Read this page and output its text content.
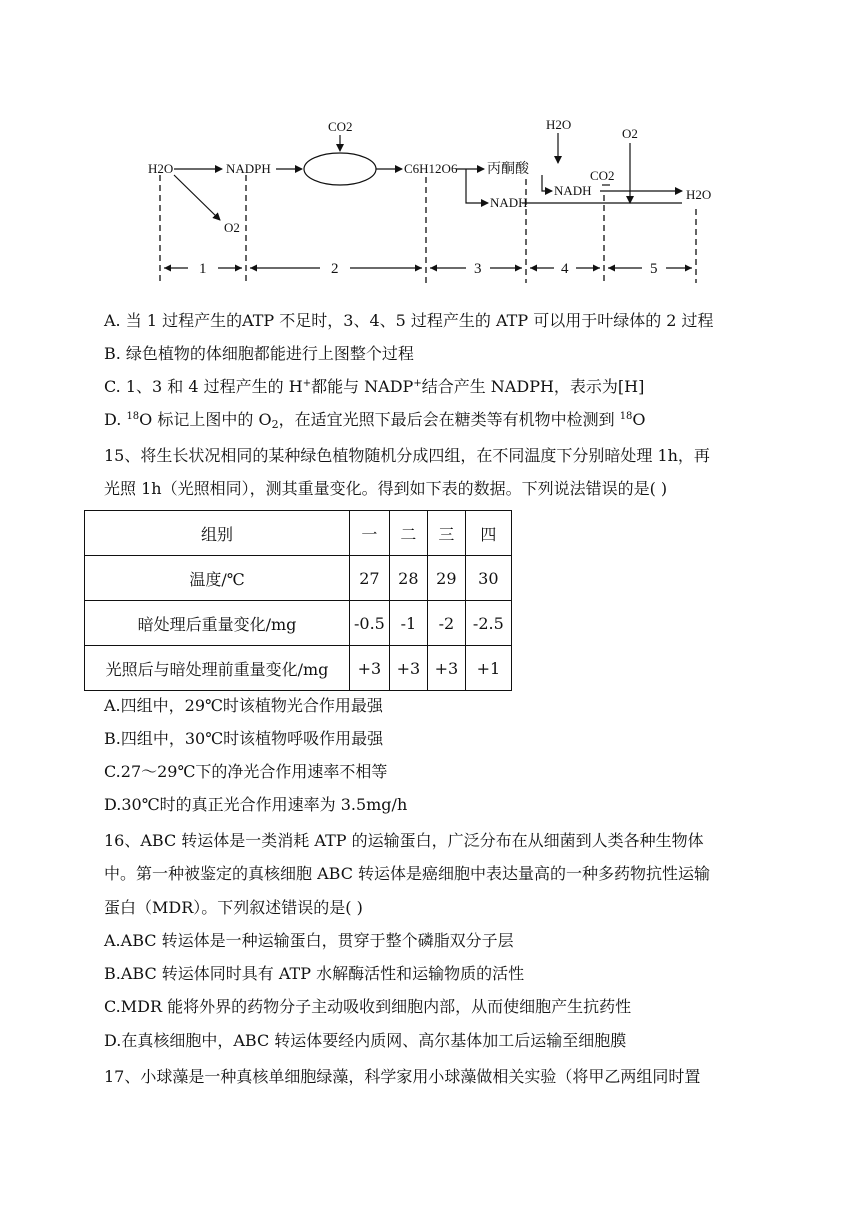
H2O	NADPH
CO2
O2
C6H12O6 丙酮酸
NADH
H2O
NADH
CO2
O2
H2O
1	2	3	4	5
A. 当 1 过程产生的ATP 不足时，3、4、5 过程产生的 ATP 可以用于叶绿体的 2 过程
B. 绿色植物的体细胞都能进行上图整个过程
C. 1、3 和 4 过程产生的 H+都能与 NADP+结合产生 NADPH，表示为[H]
D. $^{18}$O 标记上图中的 $O_2$，在适宜光照下最后会在糖类等有机物中检测到 $^{18}$O
15、将生长状况相同的某种绿色植物随机分成四组，在不同温度下分别暗处理 1h，再
光照 1h（光照相同），测其重量变化。得到如下表的数据。下列说法错误的是( )
组别	一	二	三	四
温度/℃	27	28	29	30
暗处理后重量变化/mg	-0.5	-1	-2	-2.5
光照后与暗处理前重量变化/mg	+3	+3	+3	+1
A.四组中，29℃时该植物光合作用最强
B.四组中，30℃时该植物呼吸作用最强
C.27～29℃下的净光合作用速率不相等
D.30℃时的真正光合作用速率为 3.5mg/h
16、ABC 转运体是一类消耗 ATP 的运输蛋白，广泛分布在从细菌到人类各种生物体
中。第一种被鉴定的真核细胞 ABC 转运体是癌细胞中表达量高的一种多药物抗性运输
蛋白（MDR）。下列叙述错误的是( )
A.ABC 转运体是一种运输蛋白，贯穿于整个磷脂双分子层
B.ABC 转运体同时具有 ATP 水解酶活性和运输物质的活性
C.MDR 能将外界的药物分子主动吸收到细胞内部，从而使细胞产生抗药性
D.在真核细胞中，ABC 转运体要经内质网、高尔基体加工后运输至细胞膜
17、小球藻是一种真核单细胞绿藻，科学家用小球藻做相关实验（将甲乙两组同时置
